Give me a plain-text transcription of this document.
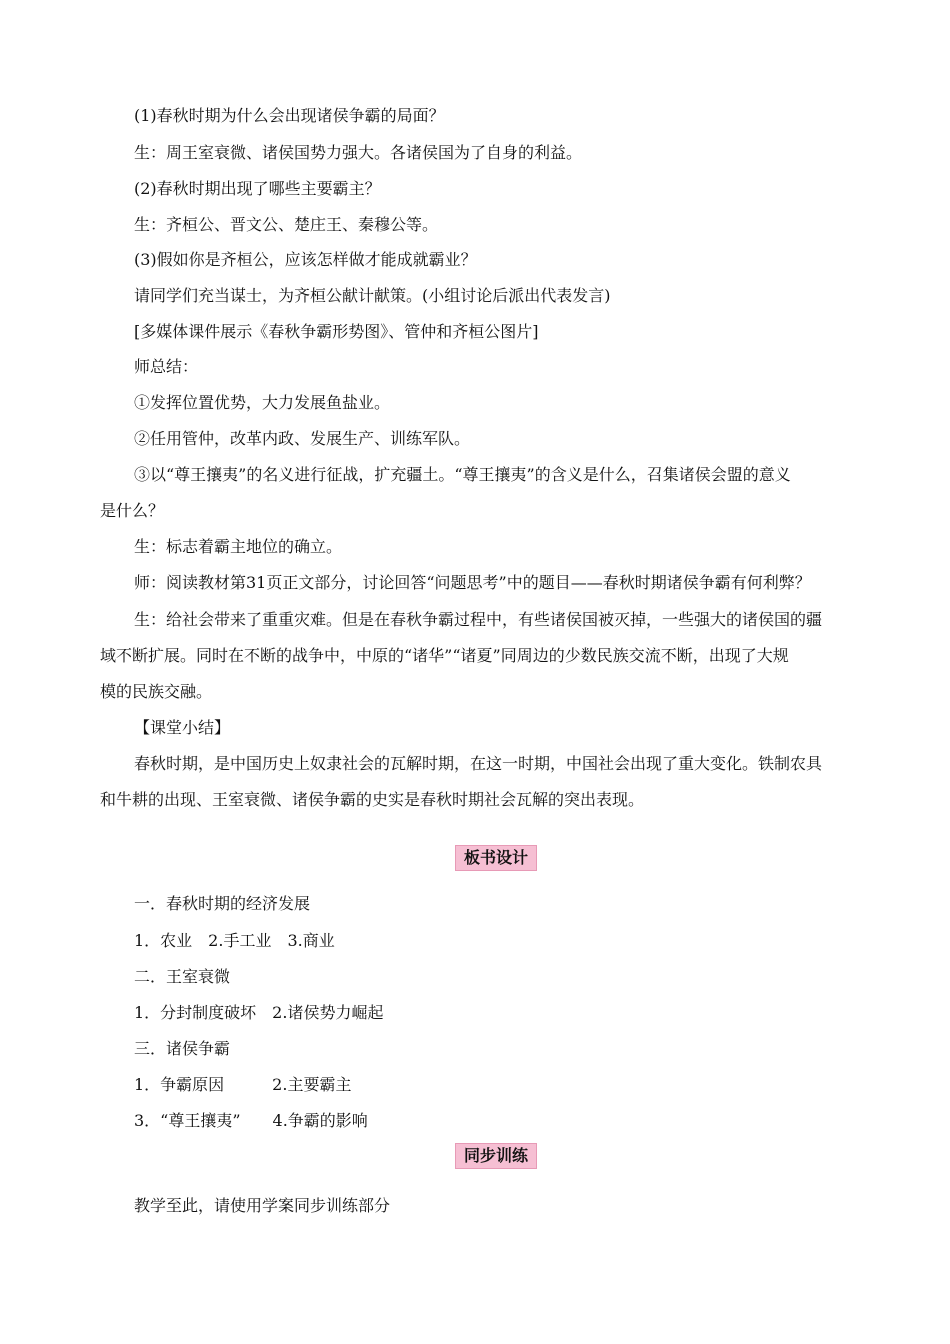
(1)春秋时期为什么会出现诸侯争霸的局面？
生：周王室衰微、诸侯国势力强大。各诸侯国为了自身的利益。
(2)春秋时期出现了哪些主要霸主？
生：齐桓公、晋文公、楚庄王、秦穆公等。
(3)假如你是齐桓公，应该怎样做才能成就霸业？
请同学们充当谋士，为齐桓公献计献策。(小组讨论后派出代表发言)
[多媒体课件展示《春秋争霸形势图》、管仲和齐桓公图片]
师总结：
①发挥位置优势，大力发展鱼盐业。
②任用管仲，改革内政、发展生产、训练军队。
③以“尊王攘夷”的名义进行征战，扩充疆土。“尊王攘夷”的含义是什么，召集诸侯会盟的意义
是什么？
生：标志着霸主地位的确立。
师：阅读教材第31页正文部分，讨论回答“问题思考”中的题目——春秋时期诸侯争霸有何利弊？
生：给社会带来了重重灾难。但是在春秋争霸过程中，有些诸侯国被灭掉，一些强大的诸侯国的疆
域不断扩展。同时在不断的战争中，中原的“诸华”“诸夏”同周边的少数民族交流不断，出现了大规
模的民族交融。
【课堂小结】
春秋时期，是中国历史上奴隶社会的瓦解时期，在这一时期，中国社会出现了重大变化。铁制农具
和牛耕的出现、王室衰微、诸侯争霸的史实是春秋时期社会瓦解的突出表现。
板书设计
一．春秋时期的经济发展
1．农业　2.手工业　3.商业
二．王室衰微
1．分封制度破坏　2.诸侯势力崛起
三．诸侯争霸
1．争霸原因　　　2.主要霸主
3．“尊王攘夷”　　4.争霸的影响
同步训练
教学至此，请使用学案同步训练部分
